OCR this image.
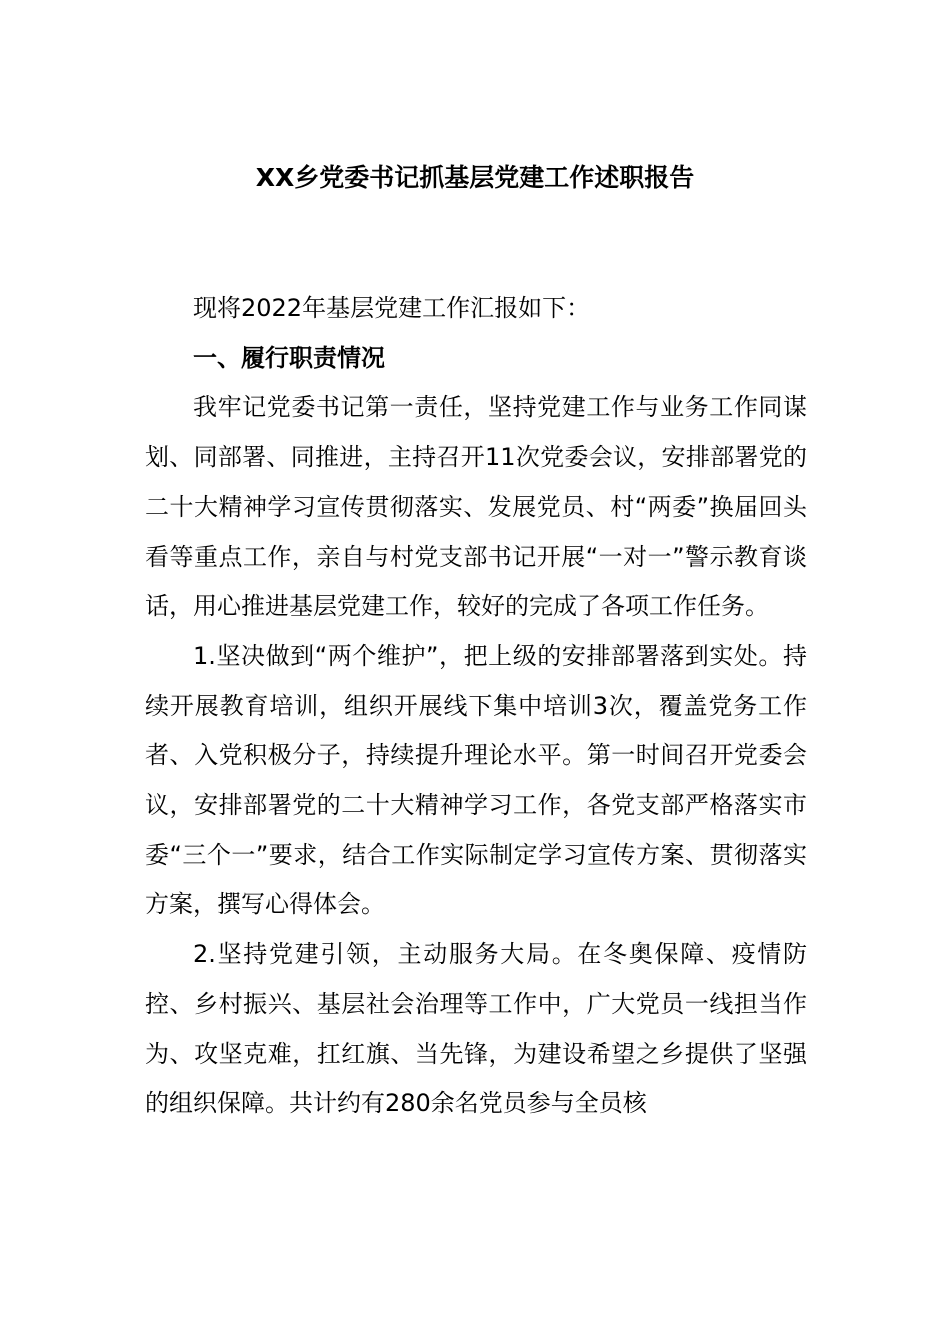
XX乡党委书记抓基层党建工作述职报告

现将2022年基层党建工作汇报如下：

一、履行职责情况

我牢记党委书记第一责任，坚持党建工作与业务工作同谋划、同部署、同推进，主持召开11次党委会议，安排部署党的二十大精神学习宣传贯彻落实、发展党员、村“两委”换届回头看等重点工作，亲自与村党支部书记开展“一对一”警示教育谈话，用心推进基层党建工作，较好的完成了各项工作任务。

1.坚决做到“两个维护”，把上级的安排部署落到实处。持续开展教育培训，组织开展线下集中培训3次，覆盖党务工作者、入党积极分子，持续提升理论水平。第一时间召开党委会议，安排部署党的二十大精神学习工作，各党支部严格落实市委“三个一”要求，结合工作实际制定学习宣传方案、贯彻落实方案，撰写心得体会。

2.坚持党建引领，主动服务大局。在冬奥保障、疫情防控、乡村振兴、基层社会治理等工作中，广大党员一线担当作为、攻坚克难，扛红旗、当先锋，为建设希望之乡提供了坚强的组织保障。共计约有280余名党员参与全员核
